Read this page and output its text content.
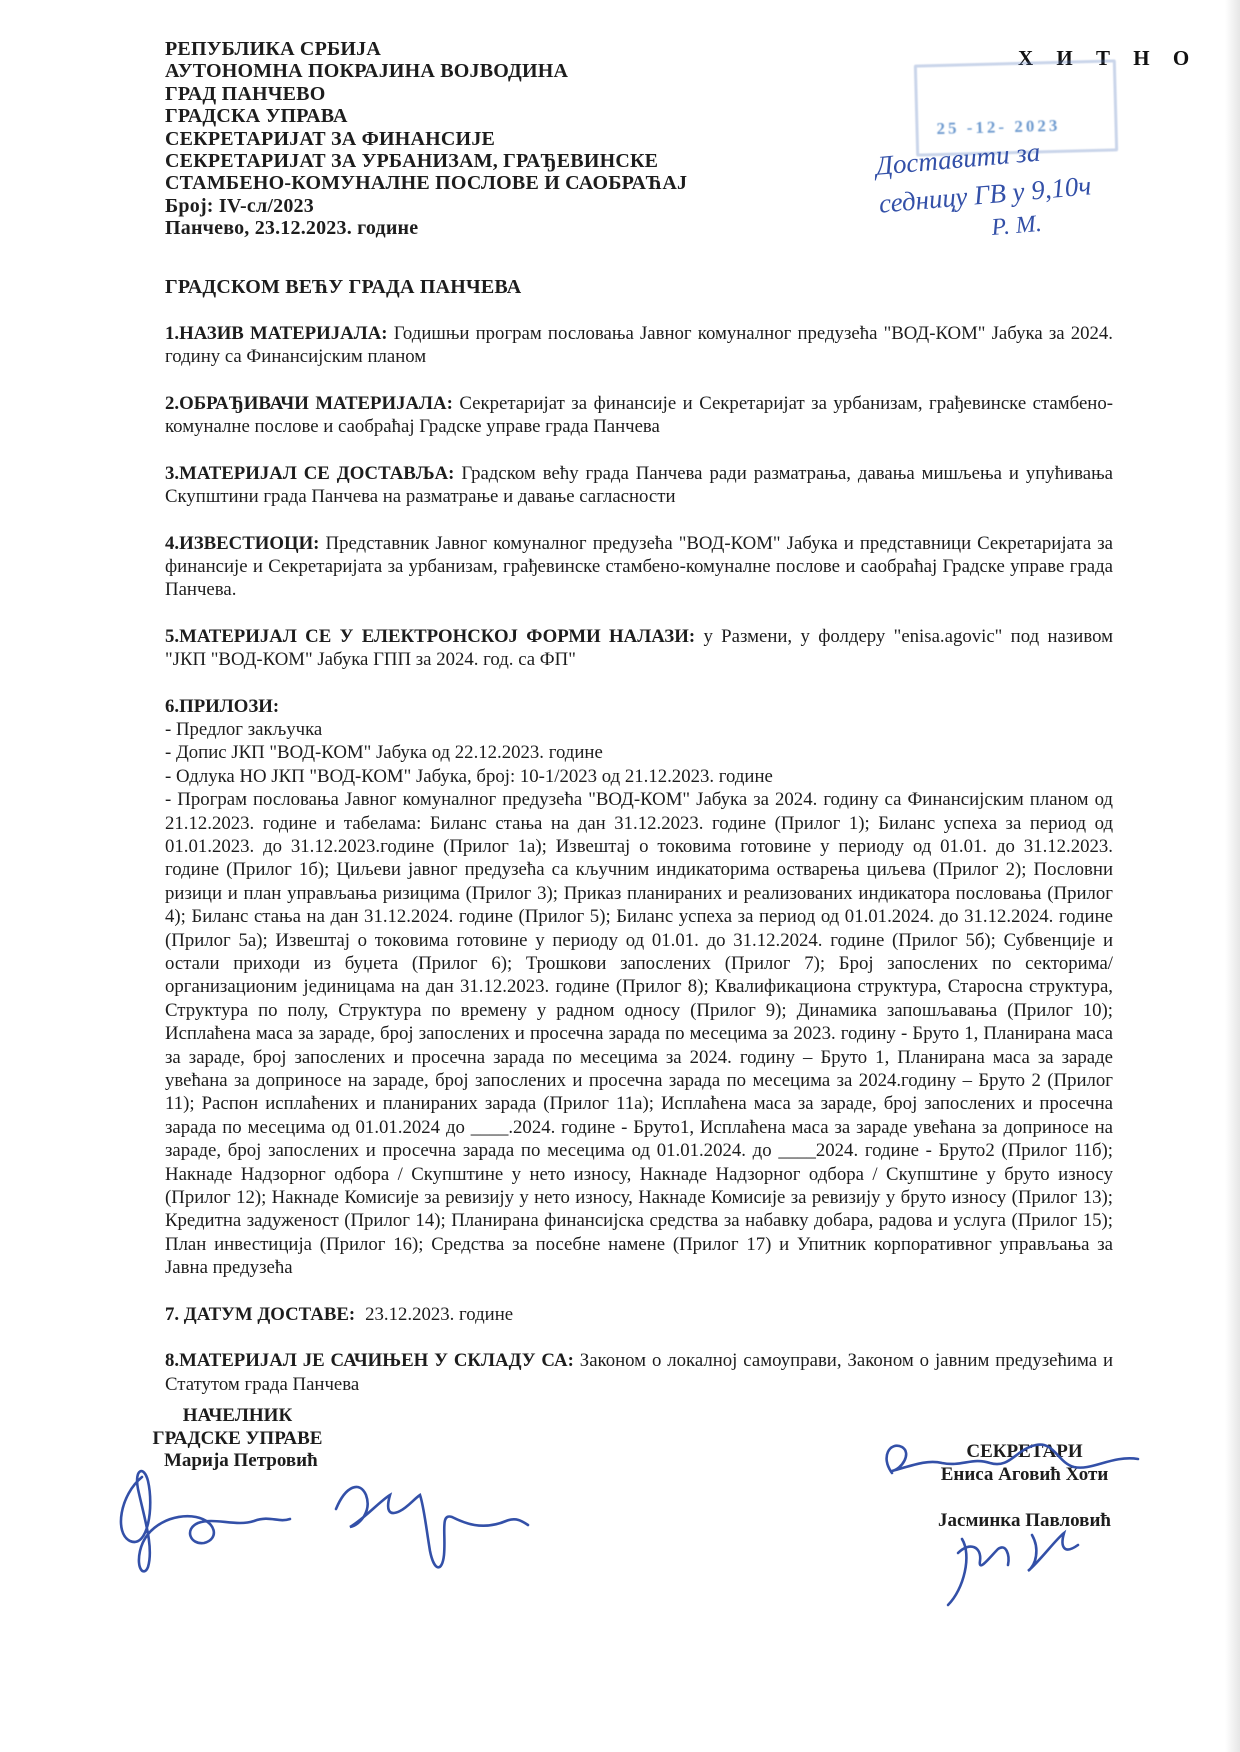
Х И Т Н О
25 -12- 2023
Доставити за
седницу ГВ у 9,10ч
Р. М.
РЕПУБЛИКА СРБИЈА
АУТОНОМНА ПОКРАЈИНА ВОЈВОДИНА
ГРАД ПАНЧЕВО
ГРАДСКА УПРАВА
СЕКРЕТАРИЈАТ ЗА ФИНАНСИЈЕ
СЕКРЕТАРИЈАТ ЗА УРБАНИЗАМ, ГРАЂЕВИНСКЕ
СТАМБЕНО-КОМУНАЛНЕ ПОСЛОВЕ И САОБРАЋАЈ
Број: IV-сл/2023
Панчево, 23.12.2023. године
ГРАДСКОМ ВЕЋУ ГРАДА ПАНЧЕВА

1.НАЗИВ МАТЕРИЈАЛА: Годишњи програм пословања Јавног комуналног предузећа "ВОД-КОМ" Јабука за 2024. годину са Финансијским планом

2.ОБРАЂИВАЧИ МАТЕРИЈАЛА: Секретаријат за финансије и Секретаријат за урбанизам, грађевинске стамбено-комуналне послове и саобраћај Градске управе града Панчева

3.МАТЕРИЈАЛ СЕ ДОСТАВЉА: Градском већу града Панчева ради разматрања, давања мишљења и упућивања Скупштини града Панчева на разматрање и давање сагласности

4.ИЗВЕСТИОЦИ: Представник Јавног комуналног предузећа "ВОД-КОМ" Јабука и представници Секретаријата за финансије и Секретаријата за урбанизам, грађевинске стамбено-комуналне послове и саобраћај Градске управе града Панчева.

5.МАТЕРИЈАЛ СЕ У ЕЛЕКТРОНСКОЈ ФОРМИ НАЛАЗИ: у Размени, у фолдеру "enisa.agovic" под називом "ЈКП "ВОД-КОМ" Јабука ГПП за 2024. год. са ФП"

6.ПРИЛОЗИ:

- Предлог закључка

- Допис ЈКП "ВОД-КОМ" Јабука од 22.12.2023. године

- Одлука НО ЈКП "ВОД-КОМ" Јабука, број: 10-1/2023 од 21.12.2023. године

- Програм пословања Јавног комуналног предузећа "ВОД-КОМ" Јабука за 2024. годину са Финансијским планом од 21.12.2023. године и табелама: Биланс стања на дан 31.12.2023. године (Прилог 1); Биланс успеха за период од 01.01.2023. до 31.12.2023.године (Прилог 1а); Извештај о токовима готовине у периоду од 01.01. до 31.12.2023. године (Прилог 1б); Циљеви јавног предузећа са кључним индикаторима остварења циљева (Прилог 2); Пословни ризици и план управљања ризицима (Прилог 3); Приказ планираних и реализованих индикатора пословања (Прилог 4); Биланс стања на дан 31.12.2024. године (Прилог 5); Биланс успеха за период од 01.01.2024. до 31.12.2024. године (Прилог 5а); Извештај о токовима готовине у периоду од 01.01. до 31.12.2024. године (Прилог 5б); Субвенције и остали приходи из буџета (Прилог 6); Трошкови запослених (Прилог 7); Број запослених по секторима/организационим јединицама на дан 31.12.2023. године (Прилог 8); Квалификациона структура, Старосна структура, Структура по полу, Структура по времену у радном односу (Прилог 9); Динамика запошљавања (Прилог 10); Исплаћена маса за зараде, број запослених и просечна зарада по месецима за 2023. годину - Бруто 1, Планирана маса за зараде, број запослених и просечна зарада по месецима за 2024. годину – Бруто 1, Планирана маса за зараде увећана за доприносе на зараде, број запослених и просечна зарада по месецима за 2024.годину – Бруто 2 (Прилог 11); Распон исплаћених и планираних зарада (Прилог 11а); Исплаћена маса за зараде, број запослених и просечна зарада по месецима од 01.01.2024 до ____.2024. године - Бруто1, Исплаћена маса за зараде увећана за доприносе на зараде, број запослених и просечна зарада по месецима од 01.01.2024. до ____2024. године - Бруто2 (Прилог 11б); Накнаде Надзорног одбора / Скупштине у нето износу, Накнаде Надзорног одбора / Скупштине у бруто износу (Прилог 12); Накнаде Комисије за ревизију у нето износу, Накнаде Комисије за ревизију у бруто износу (Прилог 13); Кредитна задуженост (Прилог 14); Планирана финансијска средства за набавку добара, радова и услуга (Прилог 15); План инвестиција (Прилог 16); Средства за посебне намене (Прилог 17) и Упитник корпоративног управљања за Јавна предузећа

7. ДАТУМ ДОСТАВЕ: 23.12.2023. године

8.МАТЕРИЈАЛ ЈЕ САЧИЊЕН У СКЛАДУ СА: Законом о локалној самоуправи, Законом о јавним предузећима и Статутом града Панчева

НАЧЕЛНИК
ГРАДСКЕ УПРАВЕ
Марија Петровић	СЕКРЕТАРИ
Ениса Аговић Хоти
Јасминка Павловић
